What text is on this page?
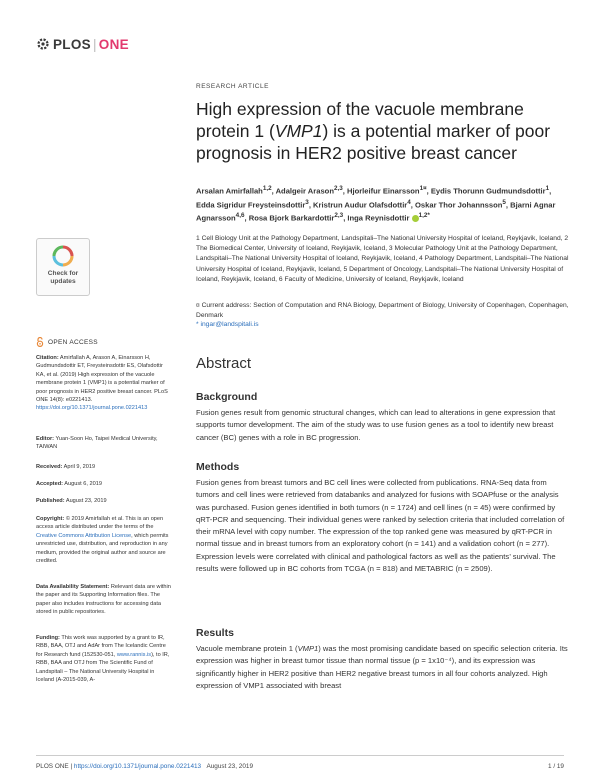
PLOS | ONE
RESEARCH ARTICLE
High expression of the vacuole membrane protein 1 (VMP1) is a potential marker of poor prognosis in HER2 positive breast cancer

Arsalan Amirfallah$^{1,2}$, Adalgeir Arason$^{2,3}$, Hjorleifur Einarsson$^{1¤}$, Eydis Thorunn Gudmundsdottir$^1$, Edda Sigridur Freysteinsdottir$^3$, Kristrun Audur Olafsdottir$^4$, Oskar Thor Johannsson$^5$, Bjarni Agnar Agnarsson$^{4,6}$, Rosa Bjork Barkardottir$^{2,3}$, Inga Reynisdottir $^{1,2*}$

1 Cell Biology Unit at the Pathology Department, Landspitali–The National University Hospital of Iceland, Reykjavik, Iceland, 2 The Biomedical Center, University of Iceland, Reykjavik, Iceland, 3 Molecular Pathology Unit at the Pathology Department, Landspitali–The National University Hospital of Iceland, Reykjavik, Iceland, 4 Pathology Department, Landspitali–The National University Hospital of Iceland, Reykjavik, Iceland, 5 Department of Oncology, Landspitali–The National University Hospital of Iceland, Reykjavik, Iceland, 6 Faculty of Medicine, University of Iceland, Reykjavik, Iceland

¤ Current address: Section of Computation and RNA Biology, Department of Biology, University of Copenhagen, Copenhagen, Denmark

* ingar@landspitali.is
Abstract
Background

Fusion genes result from genomic structural changes, which can lead to alterations in gene expression that supports tumor development. The aim of the study was to use fusion genes as a tool to identify new breast cancer (BC) genes with a role in BC progression.

Methods

Fusion genes from breast tumors and BC cell lines were collected from publications. RNA-Seq data from tumors and cell lines were retrieved from databanks and analyzed for fusions with SOAPfuse or the analysis was purchased. Fusion genes identified in both tumors (n = 1724) and cell lines (n = 45) were confirmed by qRT-PCR and sequencing. Their individual genes were ranked by selection criteria that included correlation of their mRNA level with copy number. The expression of the top ranked gene was measured by qRT-PCR in normal tissue and in breast tumors from an exploratory cohort (n = 141) and a validation cohort (n = 277). Expression levels were correlated with clinical and pathological factors as well as the patients’ survival. The results were followed up in BC cohorts from TCGA (n = 818) and METABRIC (n = 2509).

Results

Vacuole membrane protein 1 (VMP1) was the most promising candidate based on specific selection criteria. Its expression was higher in breast tumor tissue than normal tissue (p = 1x10⁻⁴), and its expression was significantly higher in HER2 positive than HER2 negative breast tumors in all four cohorts analyzed. High expression of VMP1 associated with breast

Check for
updates
OPEN ACCESS

Citation: Amirfallah A, Arason A, Einarsson H, Gudmundsdottir ET, Freysteinsdottir ES, Olafsdottir KA, et al. (2019) High expression of the vacuole membrane protein 1 (VMP1) is a potential marker of poor prognosis in HER2 positive breast cancer. PLoS ONE 14(8): e0221413. https://doi.org/10.1371/journal.pone.0221413

Editor: Yuan-Soon Ho, Taipei Medical University, TAIWAN

Received: April 9, 2019

Accepted: August 6, 2019

Published: August 23, 2019

Copyright: © 2019 Amirfallah et al. This is an open access article distributed under the terms of the Creative Commons Attribution License, which permits unrestricted use, distribution, and reproduction in any medium, provided the original author and source are credited.

Data Availability Statement: Relevant data are within the paper and its Supporting Information files. The paper also includes instructions for accessing data stored in public repositories.

Funding: This work was supported by a grant to IR, RBB, BAA, OTJ and AdAr from The Icelandic Centre for Research fund (152530-051, www.rannis.is), to IR, RBB, BAA and OTJ from The Scientific Fund of Landspitali – The National University Hospital in Iceland (A-2015-039, A-

PLOS ONE | https://doi.org/10.1371/journal.pone.0221413 August 23, 2019	1 / 19
